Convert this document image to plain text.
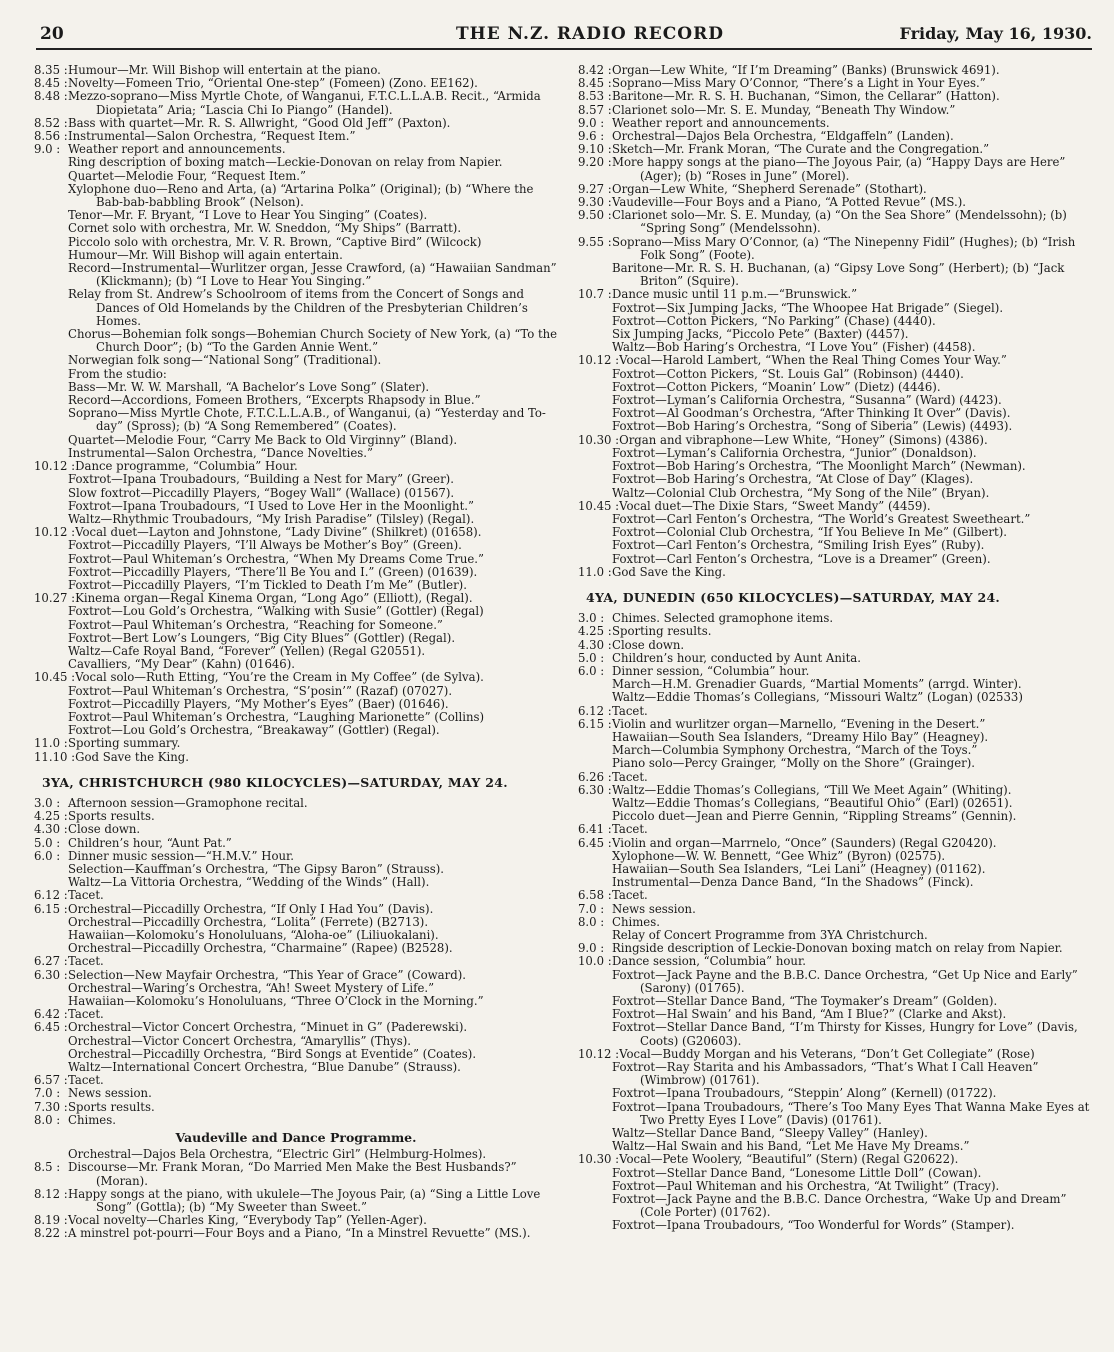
20	THE N.Z. RADIO RECORD	Friday, May 16, 1930.
8.35 : Humour—Mr. Will Bishop will entertain at the piano.
8.45 : Novelty—Fomeen Trio, “Oriental One-step” (Fomeen) (Zono. EE162).
8.48 : Mezzo-soprano—Miss Myrtle Chote, of Wanganui, F.T.C.L.L.A.B. Recit., “Armida Diopietata” Aria; “Lascia Chi Io Piango” (Handel).
8.52 : Bass with quartet—Mr. R. S. Allwright, “Good Old Jeff” (Paxton).
8.56 : Instrumental—Salon Orchestra, “Request Item.”
9.0 : Weather report and announcements.
Ring description of boxing match—Leckie-Donovan on relay from Napier.
Quartet—Melodie Four, “Request Item.”
Xylophone duo—Reno and Arta, (a) “Artarina Polka” (Original); (b) “Where the Bab-bab-babbling Brook” (Nelson).
Tenor—Mr. F. Bryant, “I Love to Hear You Singing” (Coates).
Cornet solo with orchestra, Mr. W. Sneddon, “My Ships” (Barratt).
Piccolo solo with orchestra, Mr. V. R. Brown, “Captive Bird” (Wilcock)
Humour—Mr. Will Bishop will again entertain.
Record—Instrumental—Wurlitzer organ, Jesse Crawford, (a) “Hawaiian Sandman” (Klickmann); (b) “I Love to Hear You Singing.”
Relay from St. Andrew’s Schoolroom of items from the Concert of Songs and Dances of Old Homelands by the Children of the Presbyterian Children’s Homes.
Chorus—Bohemian folk songs—Bohemian Church Society of New York, (a) “To the Church Door”; (b) “To the Garden Annie Went.”
Norwegian folk song—“National Song” (Traditional).
From the studio:
Bass—Mr. W. W. Marshall, “A Bachelor’s Love Song” (Slater).
Record—Accordions, Fomeen Brothers, “Excerpts Rhapsody in Blue.”
Soprano—Miss Myrtle Chote, F.T.C.L.L.A.B., of Wanganui, (a) “Yesterday and To-day” (Spross); (b) “A Song Remembered” (Coates).
Quartet—Melodie Four, “Carry Me Back to Old Virginny” (Bland).
Instrumental—Salon Orchestra, “Dance Novelties.”
10.12 : Dance programme, “Columbia” Hour.
Foxtrot—Ipana Troubadours, “Building a Nest for Mary” (Greer).
Slow foxtrot—Piccadilly Players, “Bogey Wall” (Wallace) (01567).
Foxtrot—Ipana Troubadours, “I Used to Love Her in the Moonlight.”
Waltz—Rhythmic Troubadours, “My Irish Paradise” (Tilsley) (Regal).
10.12 : Vocal duet—Layton and Johnstone, “Lady Divine” (Shilkret) (01658).
Foxtrot—Piccadilly Players, “I’ll Always be Mother’s Boy” (Green).
Foxtrot—Paul Whiteman’s Orchestra, “When My Dreams Come True.”
Foxtrot—Piccadilly Players, “There’ll Be You and I.” (Green) (01639).
Foxtrot—Piccadilly Players, “I’m Tickled to Death I’m Me” (Butler).
10.27 : Kinema organ—Regal Kinema Organ, “Long Ago” (Elliott), (Regal).
Foxtrot—Lou Gold’s Orchestra, “Walking with Susie” (Gottler) (Regal)
Foxtrot—Paul Whiteman’s Orchestra, “Reaching for Someone.”
Foxtrot—Bert Low’s Loungers, “Big City Blues” (Gottler) (Regal).
Waltz—Cafe Royal Band, “Forever” (Yellen) (Regal G20551).
Cavalliers, “My Dear” (Kahn) (01646).
10.45 : Vocal solo—Ruth Etting, “You’re the Cream in My Coffee” (de Sylva).
Foxtrot—Paul Whiteman’s Orchestra, “S’posin’” (Razaf) (07027).
Foxtrot—Piccadilly Players, “My Mother’s Eyes” (Baer) (01646).
Foxtrot—Paul Whiteman’s Orchestra, “Laughing Marionette” (Collins)
Foxtrot—Lou Gold’s Orchestra, “Breakaway” (Gottler) (Regal).
11.0 : Sporting summary.
11.10 : God Save the King.
3YA, CHRISTCHURCH (980 KILOCYCLES)—SATURDAY, MAY 24.
3.0 : Afternoon session—Gramophone recital.
4.25 : Sports results.
4.30 : Close down.
5.0 : Children’s hour, “Aunt Pat.”
6.0 : Dinner music session—“H.M.V.” Hour.
Selection—Kauffman’s Orchestra, “The Gipsy Baron” (Strauss).
Waltz—La Vittoria Orchestra, “Wedding of the Winds” (Hall).
6.12 : Tacet.
6.15 : Orchestral—Piccadilly Orchestra, “If Only I Had You” (Davis).
Orchestral—Piccadilly Orchestra, “Lolita” (Ferrete) (B2713).
Hawaiian—Kolomoku’s Honoluluans, “Aloha-oe” (Liliuokalani).
Orchestral—Piccadilly Orchestra, “Charmaine” (Rapee) (B2528).
6.27 : Tacet.
6.30 : Selection—New Mayfair Orchestra, “This Year of Grace” (Coward).
Orchestral—Waring’s Orchestra, “Ah! Sweet Mystery of Life.”
Hawaiian—Kolomoku’s Honoluluans, “Three O’Clock in the Morning.”
6.42 : Tacet.
6.45 : Orchestral—Victor Concert Orchestra, “Minuet in G” (Paderewski).
Orchestral—Victor Concert Orchestra, “Amaryllis” (Thys).
Orchestral—Piccadilly Orchestra, “Bird Songs at Eventide” (Coates).
Waltz—International Concert Orchestra, “Blue Danube” (Strauss).
6.57 : Tacet.
7.0 : News session.
7.30 : Sports results.
8.0 : Chimes.
Vaudeville and Dance Programme.
Orchestral—Dajos Bela Orchestra, “Electric Girl” (Helmburg-Holmes).
8.5 : Discourse—Mr. Frank Moran, “Do Married Men Make the Best Husbands?” (Moran).
8.12 : Happy songs at the piano, with ukulele—The Joyous Pair, (a) “Sing a Little Love Song” (Gottla); (b) “My Sweeter than Sweet.”
8.19 : Vocal novelty—Charles King, “Everybody Tap” (Yellen-Ager).
8.22 : A minstrel pot-pourri—Four Boys and a Piano, “In a Minstrel Revuette” (MS.).
8.42 : Organ—Lew White, “If I’m Dreaming” (Banks) (Brunswick 4691).
8.45 : Soprano—Miss Mary O’Connor, “There’s a Light in Your Eyes.”
8.53 : Baritone—Mr. R. S. H. Buchanan, “Simon, the Cellarar” (Hatton).
8.57 : Clarionet solo—Mr. S. E. Munday, “Beneath Thy Window.”
9.0 : Weather report and announcements.
9.6 : Orchestral—Dajos Bela Orchestra, “Eldgaffeln” (Landen).
9.10 : Sketch—Mr. Frank Moran, “The Curate and the Congregation.”
9.20 : More happy songs at the piano—The Joyous Pair, (a) “Happy Days are Here” (Ager); (b) “Roses in June” (Morel).
9.27 : Organ—Lew White, “Shepherd Serenade” (Stothart).
9.30 : Vaudeville—Four Boys and a Piano, “A Potted Revue” (MS.).
9.50 : Clarionet solo—Mr. S. E. Munday, (a) “On the Sea Shore” (Mendelssohn); (b) “Spring Song” (Mendelssohn).
9.55 : Soprano—Miss Mary O’Connor, (a) “The Ninepenny Fidil” (Hughes); (b) “Irish Folk Song” (Foote).
Baritone—Mr. R. S. H. Buchanan, (a) “Gipsy Love Song” (Herbert); (b) “Jack Briton” (Squire).
10.7 : Dance music until 11 p.m.—“Brunswick.”
Foxtrot—Six Jumping Jacks, “The Whoopee Hat Brigade” (Siegel).
Foxtrot—Cotton Pickers, “No Parking” (Chase) (4440).
Six Jumping Jacks, “Piccolo Pete” (Baxter) (4457).
Waltz—Bob Haring’s Orchestra, “I Love You” (Fisher) (4458).
10.12 : Vocal—Harold Lambert, “When the Real Thing Comes Your Way.”
Foxtrot—Cotton Pickers, “St. Louis Gal” (Robinson) (4440).
Foxtrot—Cotton Pickers, “Moanin’ Low” (Dietz) (4446).
Foxtrot—Lyman’s California Orchestra, “Susanna” (Ward) (4423).
Foxtrot—Al Goodman’s Orchestra, “After Thinking It Over” (Davis).
Foxtrot—Bob Haring’s Orchestra, “Song of Siberia” (Lewis) (4493).
10.30 : Organ and vibraphone—Lew White, “Honey” (Simons) (4386).
Foxtrot—Lyman’s California Orchestra, “Junior” (Donaldson).
Foxtrot—Bob Haring’s Orchestra, “The Moonlight March” (Newman).
Foxtrot—Bob Haring’s Orchestra, “At Close of Day” (Klages).
Waltz—Colonial Club Orchestra, “My Song of the Nile” (Bryan).
10.45 : Vocal duet—The Dixie Stars, “Sweet Mandy” (4459).
Foxtrot—Carl Fenton’s Orchestra, “The World’s Greatest Sweetheart.”
Foxtrot—Colonial Club Orchestra, “If You Believe In Me” (Gilbert).
Foxtrot—Carl Fenton’s Orchestra, “Smiling Irish Eyes” (Ruby).
Foxtrot—Carl Fenton’s Orchestra, “Love is a Dreamer” (Green).
11.0 : God Save the King.
4YA, DUNEDIN (650 KILOCYCLES)—SATURDAY, MAY 24.
3.0 : Chimes. Selected gramophone items.
4.25 : Sporting results.
4.30 : Close down.
5.0 : Children’s hour, conducted by Aunt Anita.
6.0 : Dinner session, “Columbia” hour.
March—H.M. Grenadier Guards, “Martial Moments” (arrgd. Winter).
Waltz—Eddie Thomas’s Collegians, “Missouri Waltz” (Logan) (02533)
6.12 : Tacet.
6.15 : Violin and wurlitzer organ—Marnello, “Evening in the Desert.”
Hawaiian—South Sea Islanders, “Dreamy Hilo Bay” (Heagney).
March—Columbia Symphony Orchestra, “March of the Toys.”
Piano solo—Percy Grainger, “Molly on the Shore” (Grainger).
6.26 : Tacet.
6.30 : Waltz—Eddie Thomas’s Collegians, “Till We Meet Again” (Whiting).
Waltz—Eddie Thomas’s Collegians, “Beautiful Ohio” (Earl) (02651).
Piccolo duet—Jean and Pierre Gennin, “Rippling Streams” (Gennin).
6.41 : Tacet.
6.45 : Violin and organ—Marrnelo, “Once” (Saunders) (Regal G20420).
Xylophone—W. W. Bennett, “Gee Whiz” (Byron) (02575).
Hawaiian—South Sea Islanders, “Lei Lani” (Heagney) (01162).
Instrumental—Denza Dance Band, “In the Shadows” (Finck).
6.58 : Tacet.
7.0 : News session.
8.0 : Chimes.
Relay of Concert Programme from 3YA Christchurch.
9.0 : Ringside description of Leckie-Donovan boxing match on relay from Napier.
10.0 : Dance session, “Columbia” hour.
Foxtrot—Jack Payne and the B.B.C. Dance Orchestra, “Get Up Nice and Early” (Sarony) (01765).
Foxtrot—Stellar Dance Band, “The Toymaker’s Dream” (Golden).
Foxtrot—Hal Swain’ and his Band, “Am I Blue?” (Clarke and Akst).
Foxtrot—Stellar Dance Band, “I’m Thirsty for Kisses, Hungry for Love” (Davis, Coots) (G20603).
10.12 : Vocal—Buddy Morgan and his Veterans, “Don’t Get Collegiate” (Rose)
Foxtrot—Ray Starita and his Ambassadors, “That’s What I Call Heaven” (Wimbrow) (01761).
Foxtrot—Ipana Troubadours, “Steppin’ Along” (Kernell) (01722).
Foxtrot—Ipana Troubadours, “There’s Too Many Eyes That Wanna Make Eyes at Two Pretty Eyes I Love” (Davis) (01761).
Waltz—Stellar Dance Band, “Sleepy Valley” (Hanley).
Waltz—Hal Swain and his Band, “Let Me Have My Dreams.”
10.30 : Vocal—Pete Woolery, “Beautiful” (Stern) (Regal G20622).
Foxtrot—Stellar Dance Band, “Lonesome Little Doll” (Cowan).
Foxtrot—Paul Whiteman and his Orchestra, “At Twilight” (Tracy).
Foxtrot—Jack Payne and the B.B.C. Dance Orchestra, “Wake Up and Dream” (Cole Porter) (01762).
Foxtrot—Ipana Troubadours, “Too Wonderful for Words” (Stamper).
